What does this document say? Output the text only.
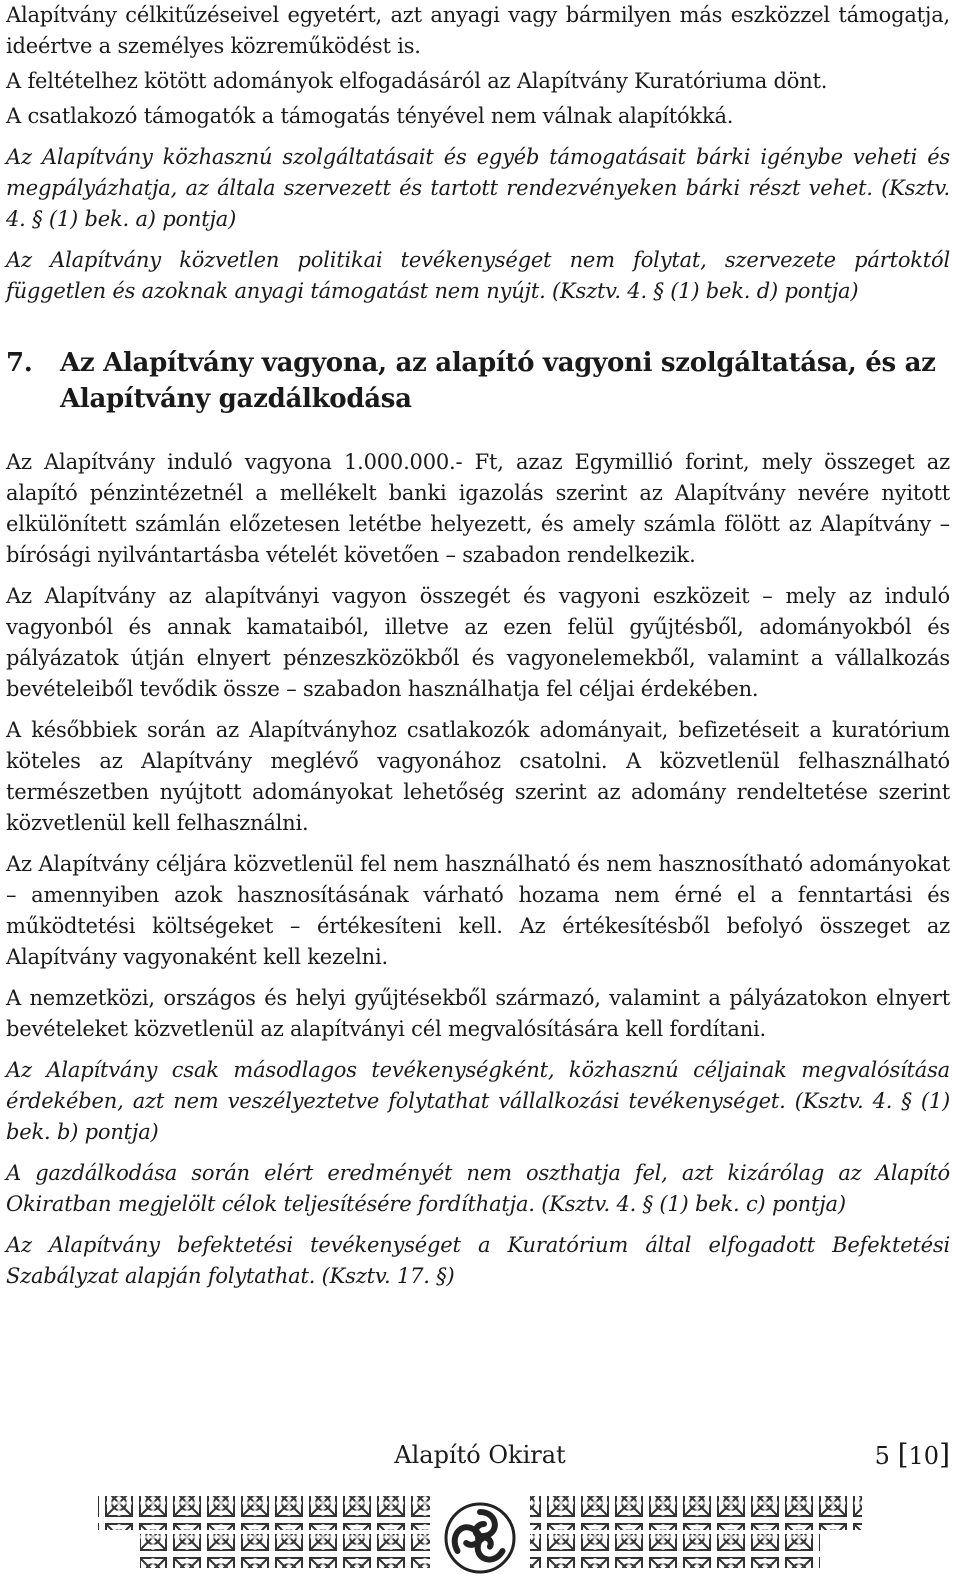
Alapítvány célkitűzéseivel egyetért, azt anyagi vagy bármilyen más eszközzel támogatja, ideértve a személyes közreműködést is.

A feltételhez kötött adományok elfogadásáról az Alapítvány Kuratóriuma dönt.

A csatlakozó támogatók a támogatás tényével nem válnak alapítókká.

Az Alapítvány közhasznú szolgáltatásait és egyéb támogatásait bárki igénybe veheti és megpályázhatja, az általa szervezett és tartott rendezvényeken bárki részt vehet. (Ksztv. 4. § (1) bek. a) pontja)

Az Alapítvány közvetlen politikai tevékenységet nem folytat, szervezete pártoktól független és azoknak anyagi támogatást nem nyújt. (Ksztv. 4. § (1) bek. d) pontja)

7.	Az Alapítvány vagyona, az alapító vagyoni szolgáltatása, és az Alapítvány gazdálkodása

Az Alapítvány induló vagyona 1.000.000.- Ft, azaz Egymillió forint, mely összeget az alapító pénzintézetnél a mellékelt banki igazolás szerint az Alapítvány nevére nyitott elkülönített számlán előzetesen letétbe helyezett, és amely számla fölött az Alapítvány – bírósági nyilvántartásba vételét követően – szabadon rendelkezik.

Az Alapítvány az alapítványi vagyon összegét és vagyoni eszközeit – mely az induló vagyonból és annak kamataiból, illetve az ezen felül gyűjtésből, adományokból és pályázatok útján elnyert pénzeszközökből és vagyonelemekből, valamint a vállalkozás bevételeiből tevődik össze – szabadon használhatja fel céljai érdekében.

A későbbiek során az Alapítványhoz csatlakozók adományait, befizetéseit a kuratórium köteles az Alapítvány meglévő vagyonához csatolni. A közvetlenül felhasználható természetben nyújtott adományokat lehetőség szerint az adomány rendeltetése szerint közvetlenül kell felhasználni.

Az Alapítvány céljára közvetlenül fel nem használható és nem hasznosítható adományokat – amennyiben azok hasznosításának várható hozama nem érné el a fenntartási és működtetési költségeket – értékesíteni kell. Az értékesítésből befolyó összeget az Alapítvány vagyonaként kell kezelni.

A nemzetközi, országos és helyi gyűjtésekből származó, valamint a pályázatokon elnyert bevételeket közvetlenül az alapítványi cél megvalósítására kell fordítani.

Az Alapítvány csak másodlagos tevékenységként, közhasznú céljainak megvalósítása érdekében, azt nem veszélyeztetve folytathat vállalkozási tevékenységet. (Ksztv. 4. § (1) bek. b) pontja)

A gazdálkodása során elért eredményét nem oszthatja fel, azt kizárólag az Alapító Okiratban megjelölt célok teljesítésére fordíthatja. (Ksztv. 4. § (1) bek. c) pontja)

Az Alapítvány befektetési tevékenységet a Kuratórium által elfogadott Befektetési Szabályzat alapján folytathat. (Ksztv. 17. §)

Alapító Okirat	5 [10]
